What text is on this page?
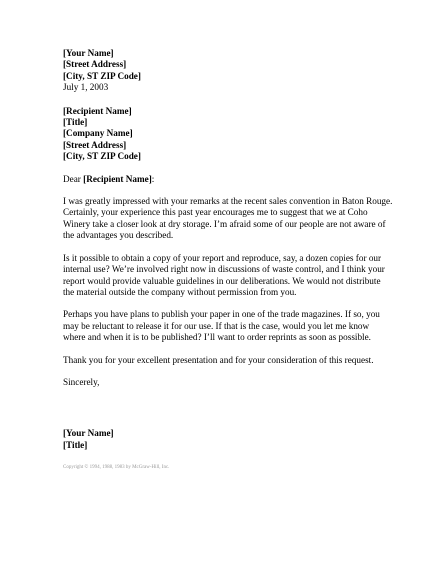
[Your Name]
[Street Address]
[City, ST ZIP Code]
July 1, 2003
[Recipient Name]
[Title]
[Company Name]
[Street Address]
[City, ST ZIP Code]
Dear [Recipient Name]:
I was greatly impressed with your remarks at the recent sales convention in Baton Rouge.
Certainly, your experience this past year encourages me to suggest that we at Coho
Winery take a closer look at dry storage. I’m afraid some of our people are not aware of
the advantages you described.
Is it possible to obtain a copy of your report and reproduce, say, a dozen copies for our
internal use? We’re involved right now in discussions of waste control, and I think your
report would provide valuable guidelines in our deliberations. We would not distribute
the material outside the company without permission from you.
Perhaps you have plans to publish your paper in one of the trade magazines. If so, you
may be reluctant to release it for our use. If that is the case, would you let me know
where and when it is to be published? I’ll want to order reprints as soon as possible.
Thank you for your excellent presentation and for your consideration of this request.
Sincerely,
[Your Name]
[Title]
Copyright © 1994, 1988, 1983 by McGraw-Hill, Inc.
